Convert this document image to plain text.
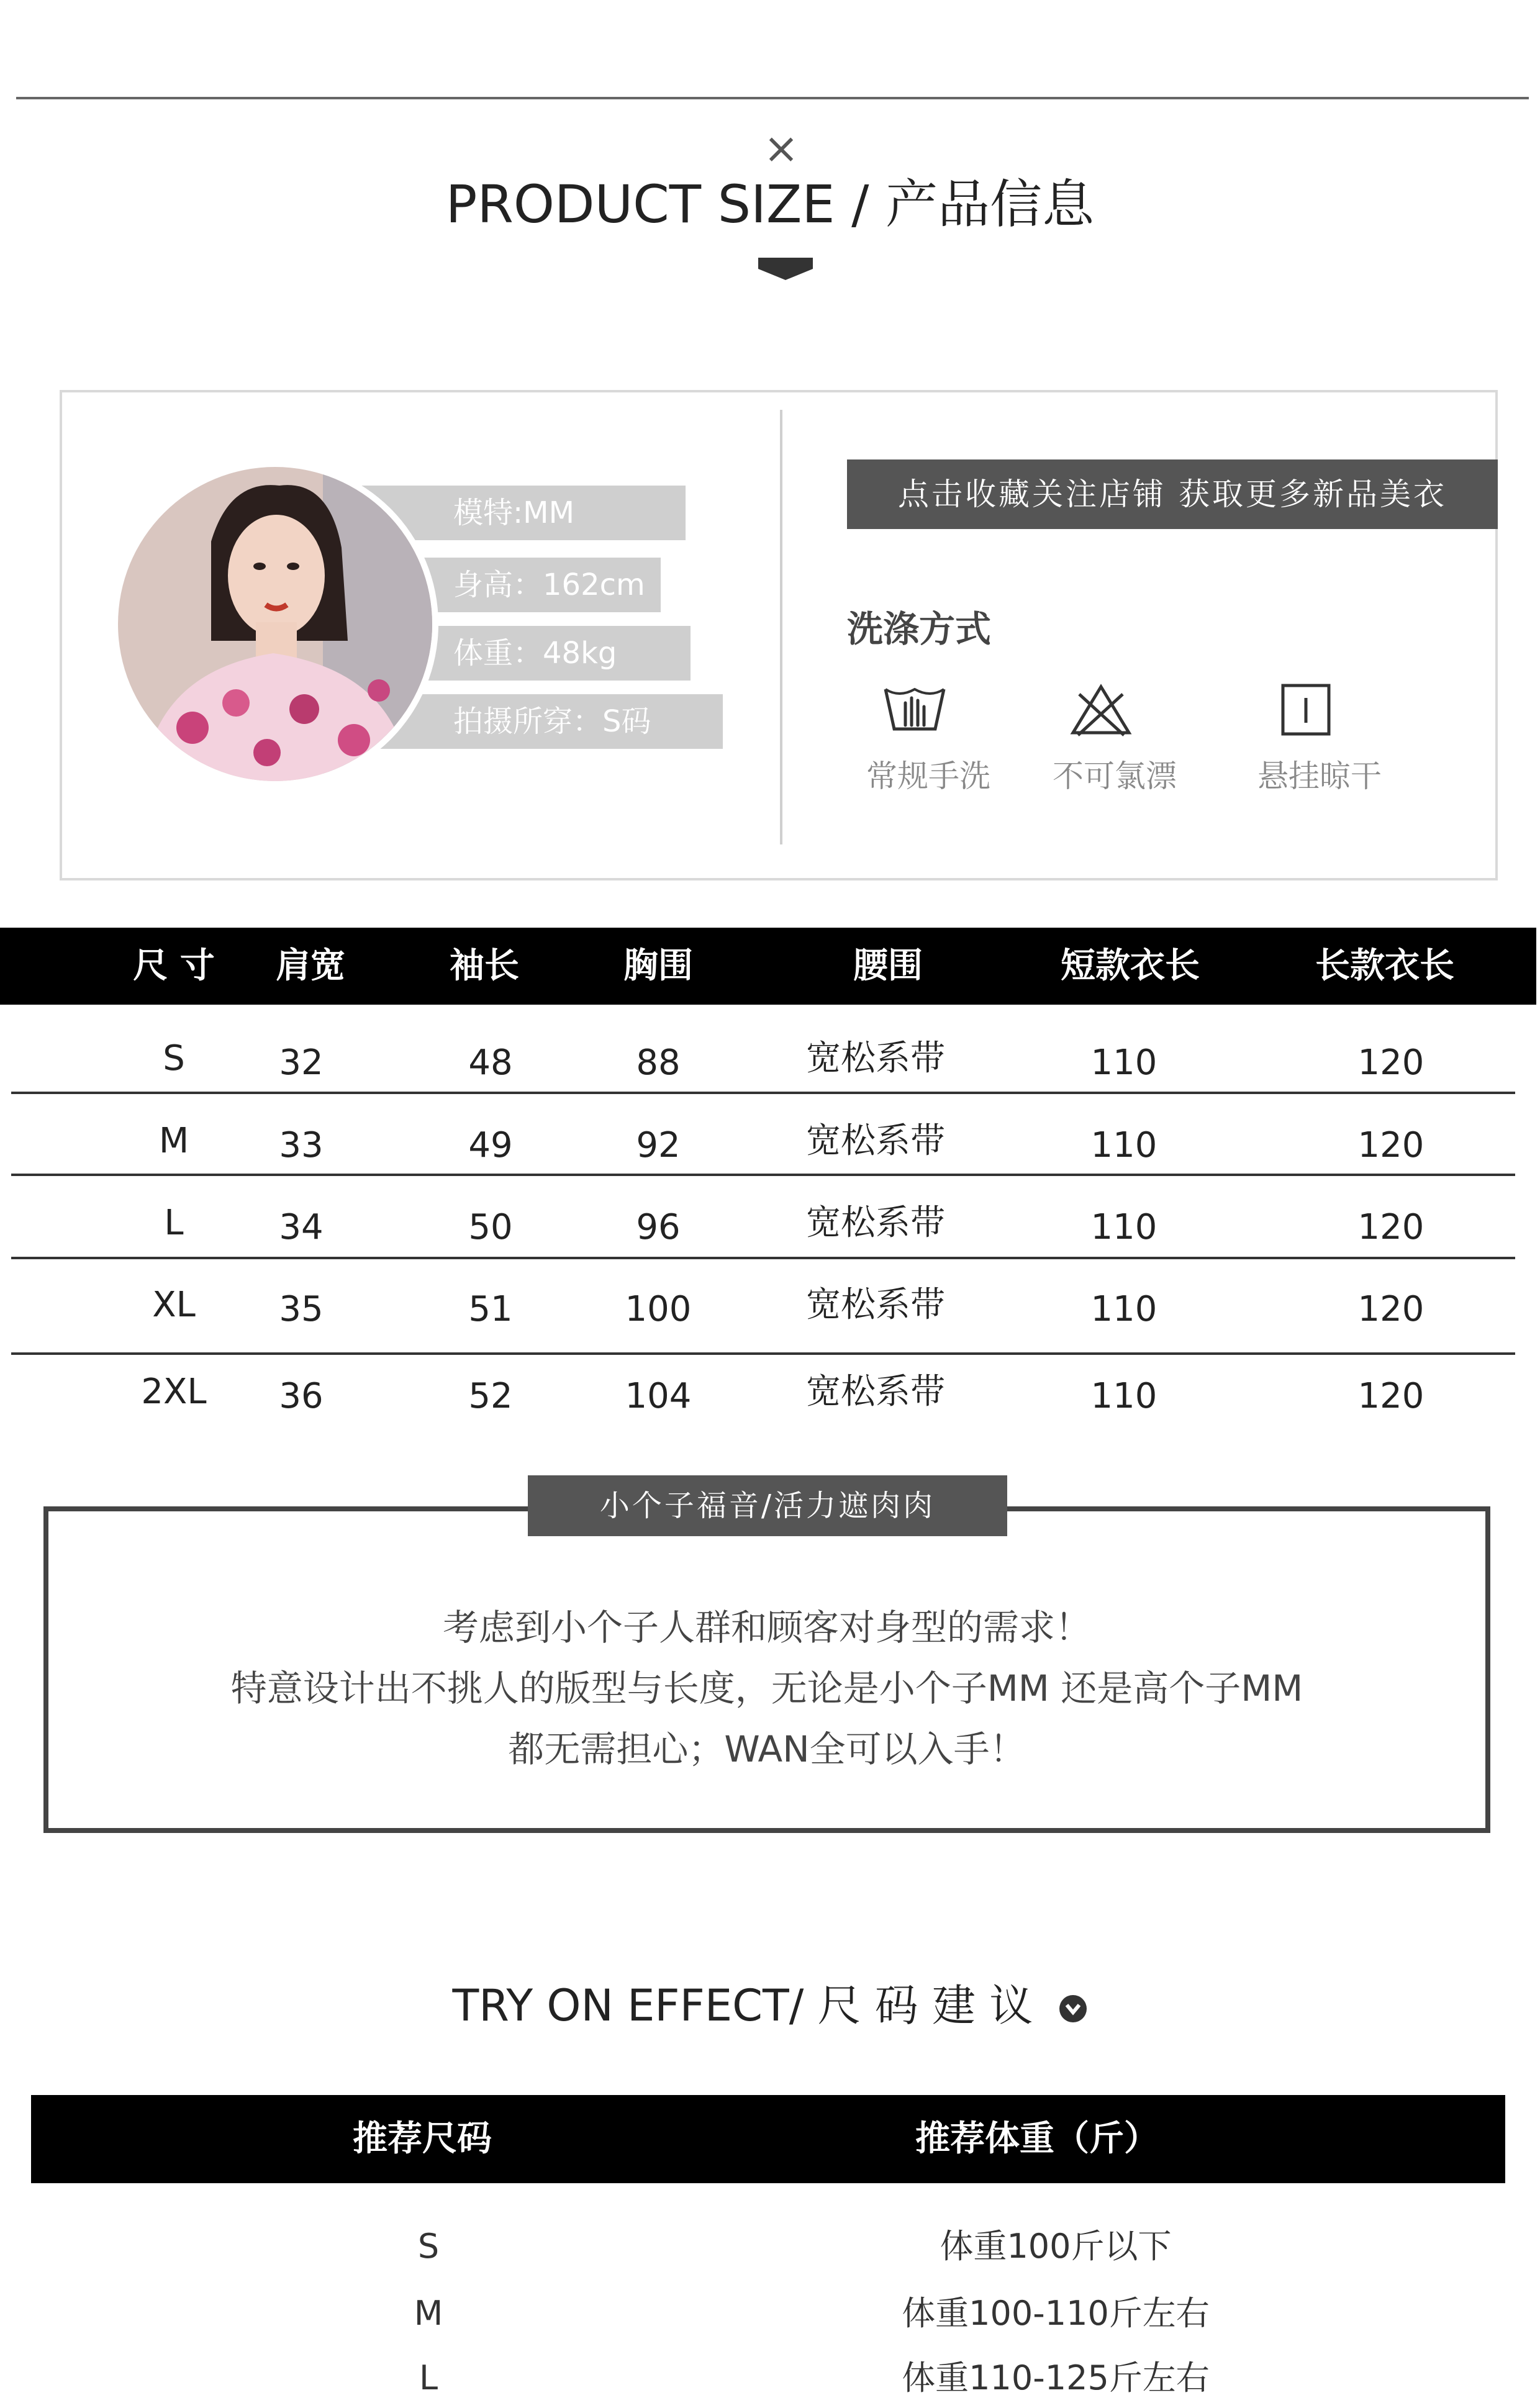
×
PRODUCT SIZE / 产品信息
模特:MM
身高：162cm
体重：48kg
拍摄所穿：S码
点击收藏关注店铺 获取更多新品美衣
洗涤方式
常规手洗 不可氯漂	悬挂晾干
尺 寸	肩宽	袖长	胸围	腰围	短款衣长	长款衣长
S	32	48	88	宽松系带	110	120
M	33	49	92	宽松系带	110	120
L	34	50	96	宽松系带	110	120
XL	35	51	100	宽松系带	110	120
2XL	36	52	104	宽松系带	110	120
小个子福音/活力遮肉肉
考虑到小个子人群和顾客对身型的需求！
特意设计出不挑人的版型与长度，无论是小个子MM 还是高个子MM
都无需担心；WAN全可以入手！
TRY ON EFFECT/ 尺 码 建 议
推荐尺码	推荐体重（斤）
S	体重100斤以下
M	体重100-110斤左右
L	体重110-125斤左右
